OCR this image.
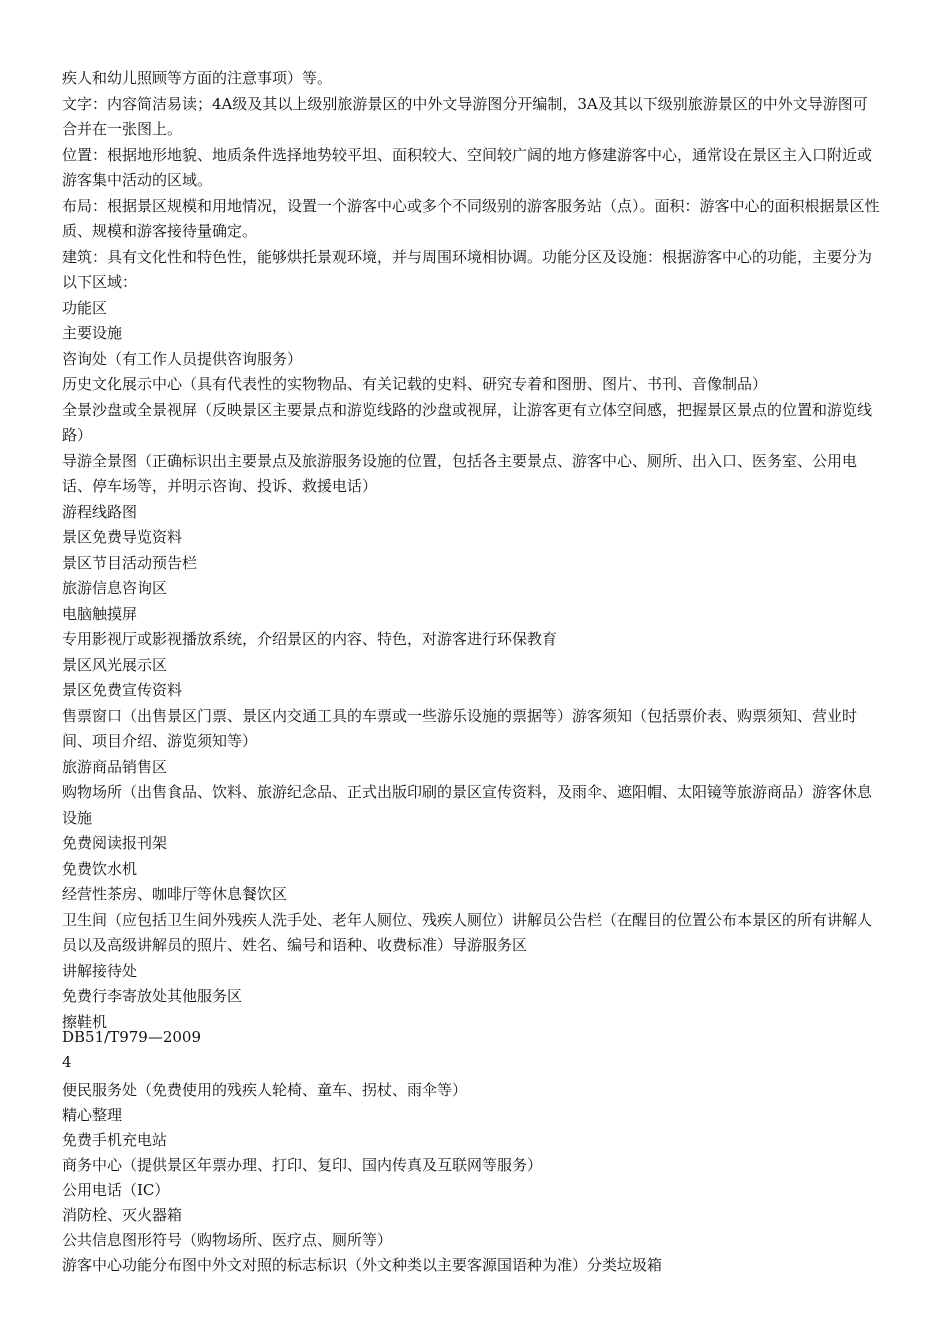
疾人和幼儿照顾等方面的注意事项）等。

文字：内容简洁易读；4A级及其以上级别旅游景区的中外文导游图分开编制，3A及其以下级别旅游景区的中外文导游图可合并在一张图上。

位置：根据地形地貌、地质条件选择地势较平坦、面积较大、空间较广阔的地方修建游客中心，通常设在景区主入口附近或游客集中活动的区域。

布局：根据景区规模和用地情况，设置一个游客中心或多个不同级别的游客服务站（点）。面积：游客中心的面积根据景区性质、规模和游客接待量确定。

建筑：具有文化性和特色性，能够烘托景观环境，并与周围环境相协调。功能分区及设施：根据游客中心的功能，主要分为以下区域：

功能区

主要设施

咨询处（有工作人员提供咨询服务）

历史文化展示中心（具有代表性的实物物品、有关记载的史料、研究专着和图册、图片、书刊、音像制品）

全景沙盘或全景视屏（反映景区主要景点和游览线路的沙盘或视屏，让游客更有立体空间感，把握景区景点的位置和游览线路）

导游全景图（正确标识出主要景点及旅游服务设施的位置，包括各主要景点、游客中心、厕所、出入口、医务室、公用电话、停车场等，并明示咨询、投诉、救援电话）

游程线路图

景区免费导览资料

景区节目活动预告栏

旅游信息咨询区

电脑触摸屏

专用影视厅或影视播放系统，介绍景区的内容、特色，对游客进行环保教育

景区风光展示区

景区免费宣传资料

售票窗口（出售景区门票、景区内交通工具的车票或一些游乐设施的票据等）游客须知（包括票价表、购票须知、营业时间、项目介绍、游览须知等）

旅游商品销售区

购物场所（出售食品、饮料、旅游纪念品、正式出版印刷的景区宣传资料，及雨伞、遮阳帽、太阳镜等旅游商品）游客休息设施

免费阅读报刊架

免费饮水机

经营性茶房、咖啡厅等休息餐饮区

卫生间（应包括卫生间外残疾人洗手处、老年人厕位、残疾人厕位）讲解员公告栏（在醒目的位置公布本景区的所有讲解人员以及高级讲解员的照片、姓名、编号和语种、收费标准）导游服务区

讲解接待处

免费行李寄放处其他服务区

擦鞋机

DB51/T979—2009

4

便民服务处（免费使用的残疾人轮椅、童车、拐杖、雨伞等）

精心整理

免费手机充电站

商务中心（提供景区年票办理、打印、复印、国内传真及互联网等服务）

公用电话（IC）

消防栓、灭火器箱

公共信息图形符号（购物场所、医疗点、厕所等）

游客中心功能分布图中外文对照的标志标识（外文种类以主要客源国语种为准）分类垃圾箱
